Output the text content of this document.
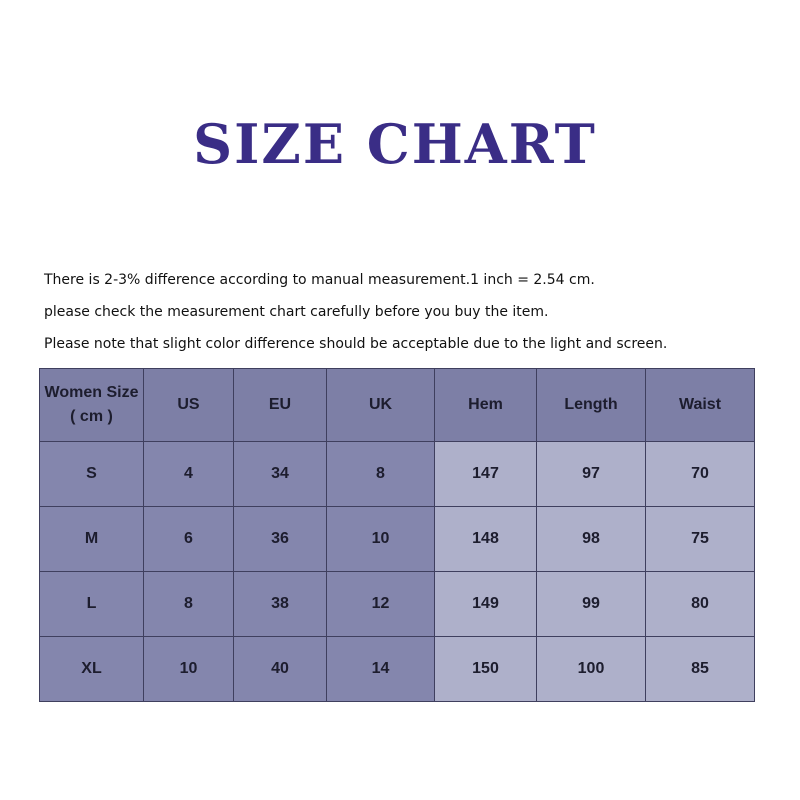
SIZE CHART
There is 2-3% difference according to manual measurement.1 inch = 2.54 cm.
please check the measurement chart carefully before you buy the item.
Please note that slight color difference should be acceptable due to the light and screen.
Women Size
( cm )	US	EU	UK	Hem	Length	Waist
S	4	34	8	147	97	70
M	6	36	10	148	98	75
L	8	38	12	149	99	80
XL	10	40	14	150	100	85
